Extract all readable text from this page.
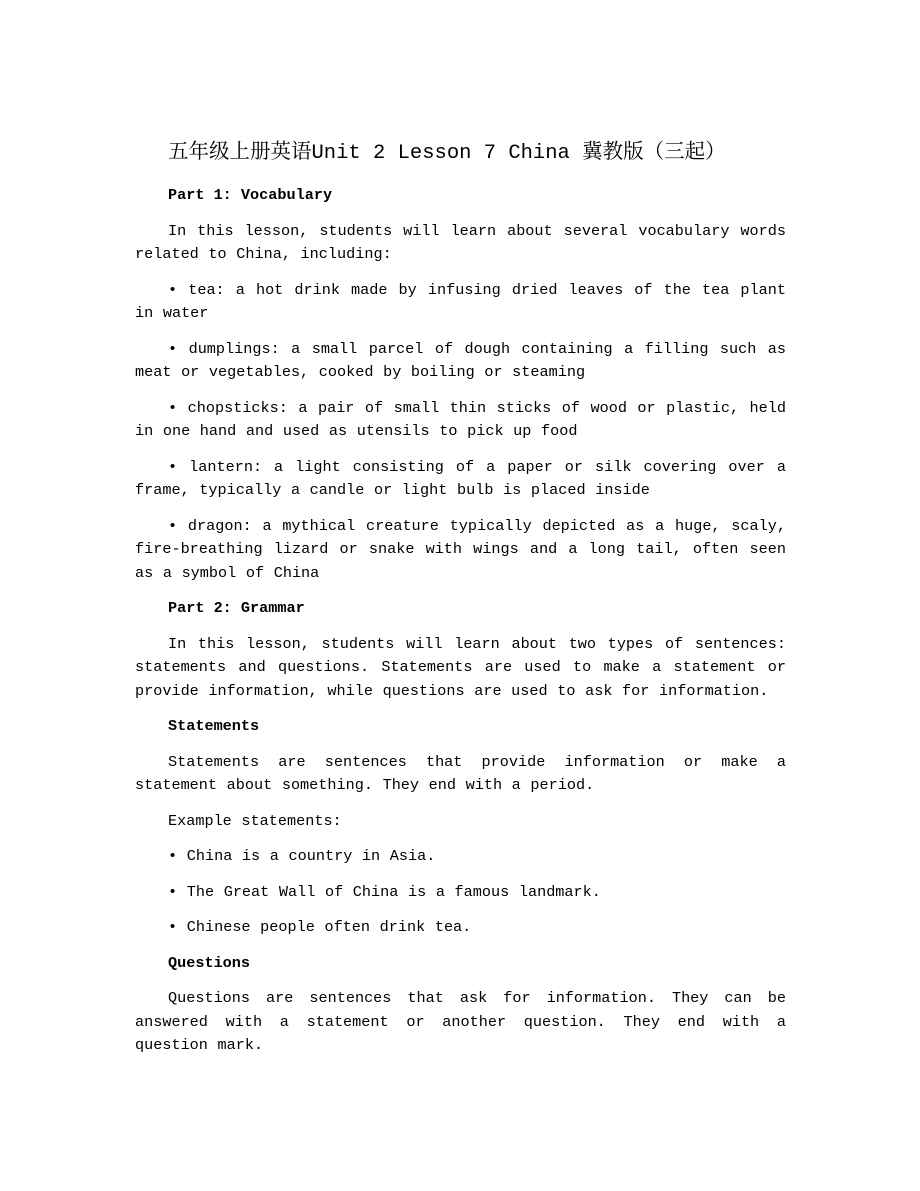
五年级上册英语Unit 2 Lesson 7 China 冀教版（三起）
Part 1: Vocabulary

In this lesson, students will learn about several vocabulary words related to China, including:

• tea: a hot drink made by infusing dried leaves of the tea plant in water

• dumplings: a small parcel of dough containing a filling such as meat or vegetables, cooked by boiling or steaming

• chopsticks: a pair of small thin sticks of wood or plastic, held in one hand and used as utensils to pick up food

• lantern: a light consisting of a paper or silk covering over a frame, typically a candle or light bulb is placed inside

• dragon: a mythical creature typically depicted as a huge, scaly, fire-breathing lizard or snake with wings and a long tail, often seen as a symbol of China

Part 2: Grammar

In this lesson, students will learn about two types of sentences: statements and questions. Statements are used to make a statement or provide information, while questions are used to ask for information.

Statements

Statements are sentences that provide information or make a statement about something. They end with a period.

Example statements:

• China is a country in Asia.

• The Great Wall of China is a famous landmark.

• Chinese people often drink tea.

Questions

Questions are sentences that ask for information. They can be answered with a statement or another question. They end with a question mark.
